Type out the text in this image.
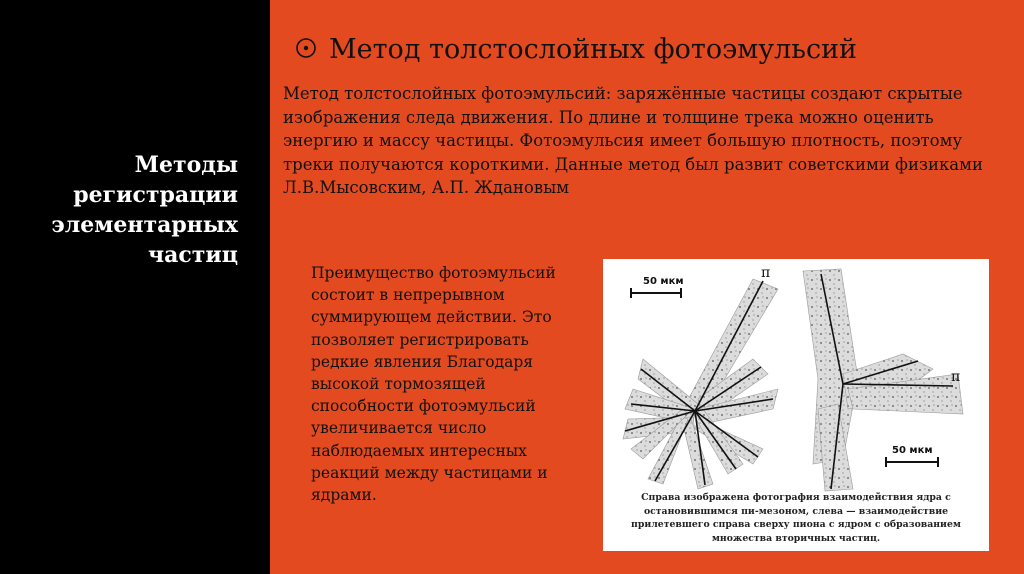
Методы регистрации элементарных частиц
Метод толстослойных фотоэмульсий
Метод толстослойных фотоэмульсий: заряжённые частицы создают скрытые изображения следа движения. По длине и толщине трека можно оценить энергию и массу частицы. Фотоэмульсия имеет большую плотность, поэтому треки получаются короткими. Данные метод был развит советскими физиками Л.В.Мысовским, А.П. Ждановым
Преимущество фотоэмульсий состоит в непрерывном суммирующем действии. Это позволяет регистрировать редкие явления Благодаря высокой тормозящей способности фотоэмульсий увеличивается число наблюдаемых интересных реакций между частицами и ядрами.
50 мкм
50 мкм
π
π
Справа изображена фотография взаимодействия ядра с остановившимся пи-мезоном, слева — взаимодействие прилетевшего справа сверху пиона с ядром с образованием множества вторичных частиц.
